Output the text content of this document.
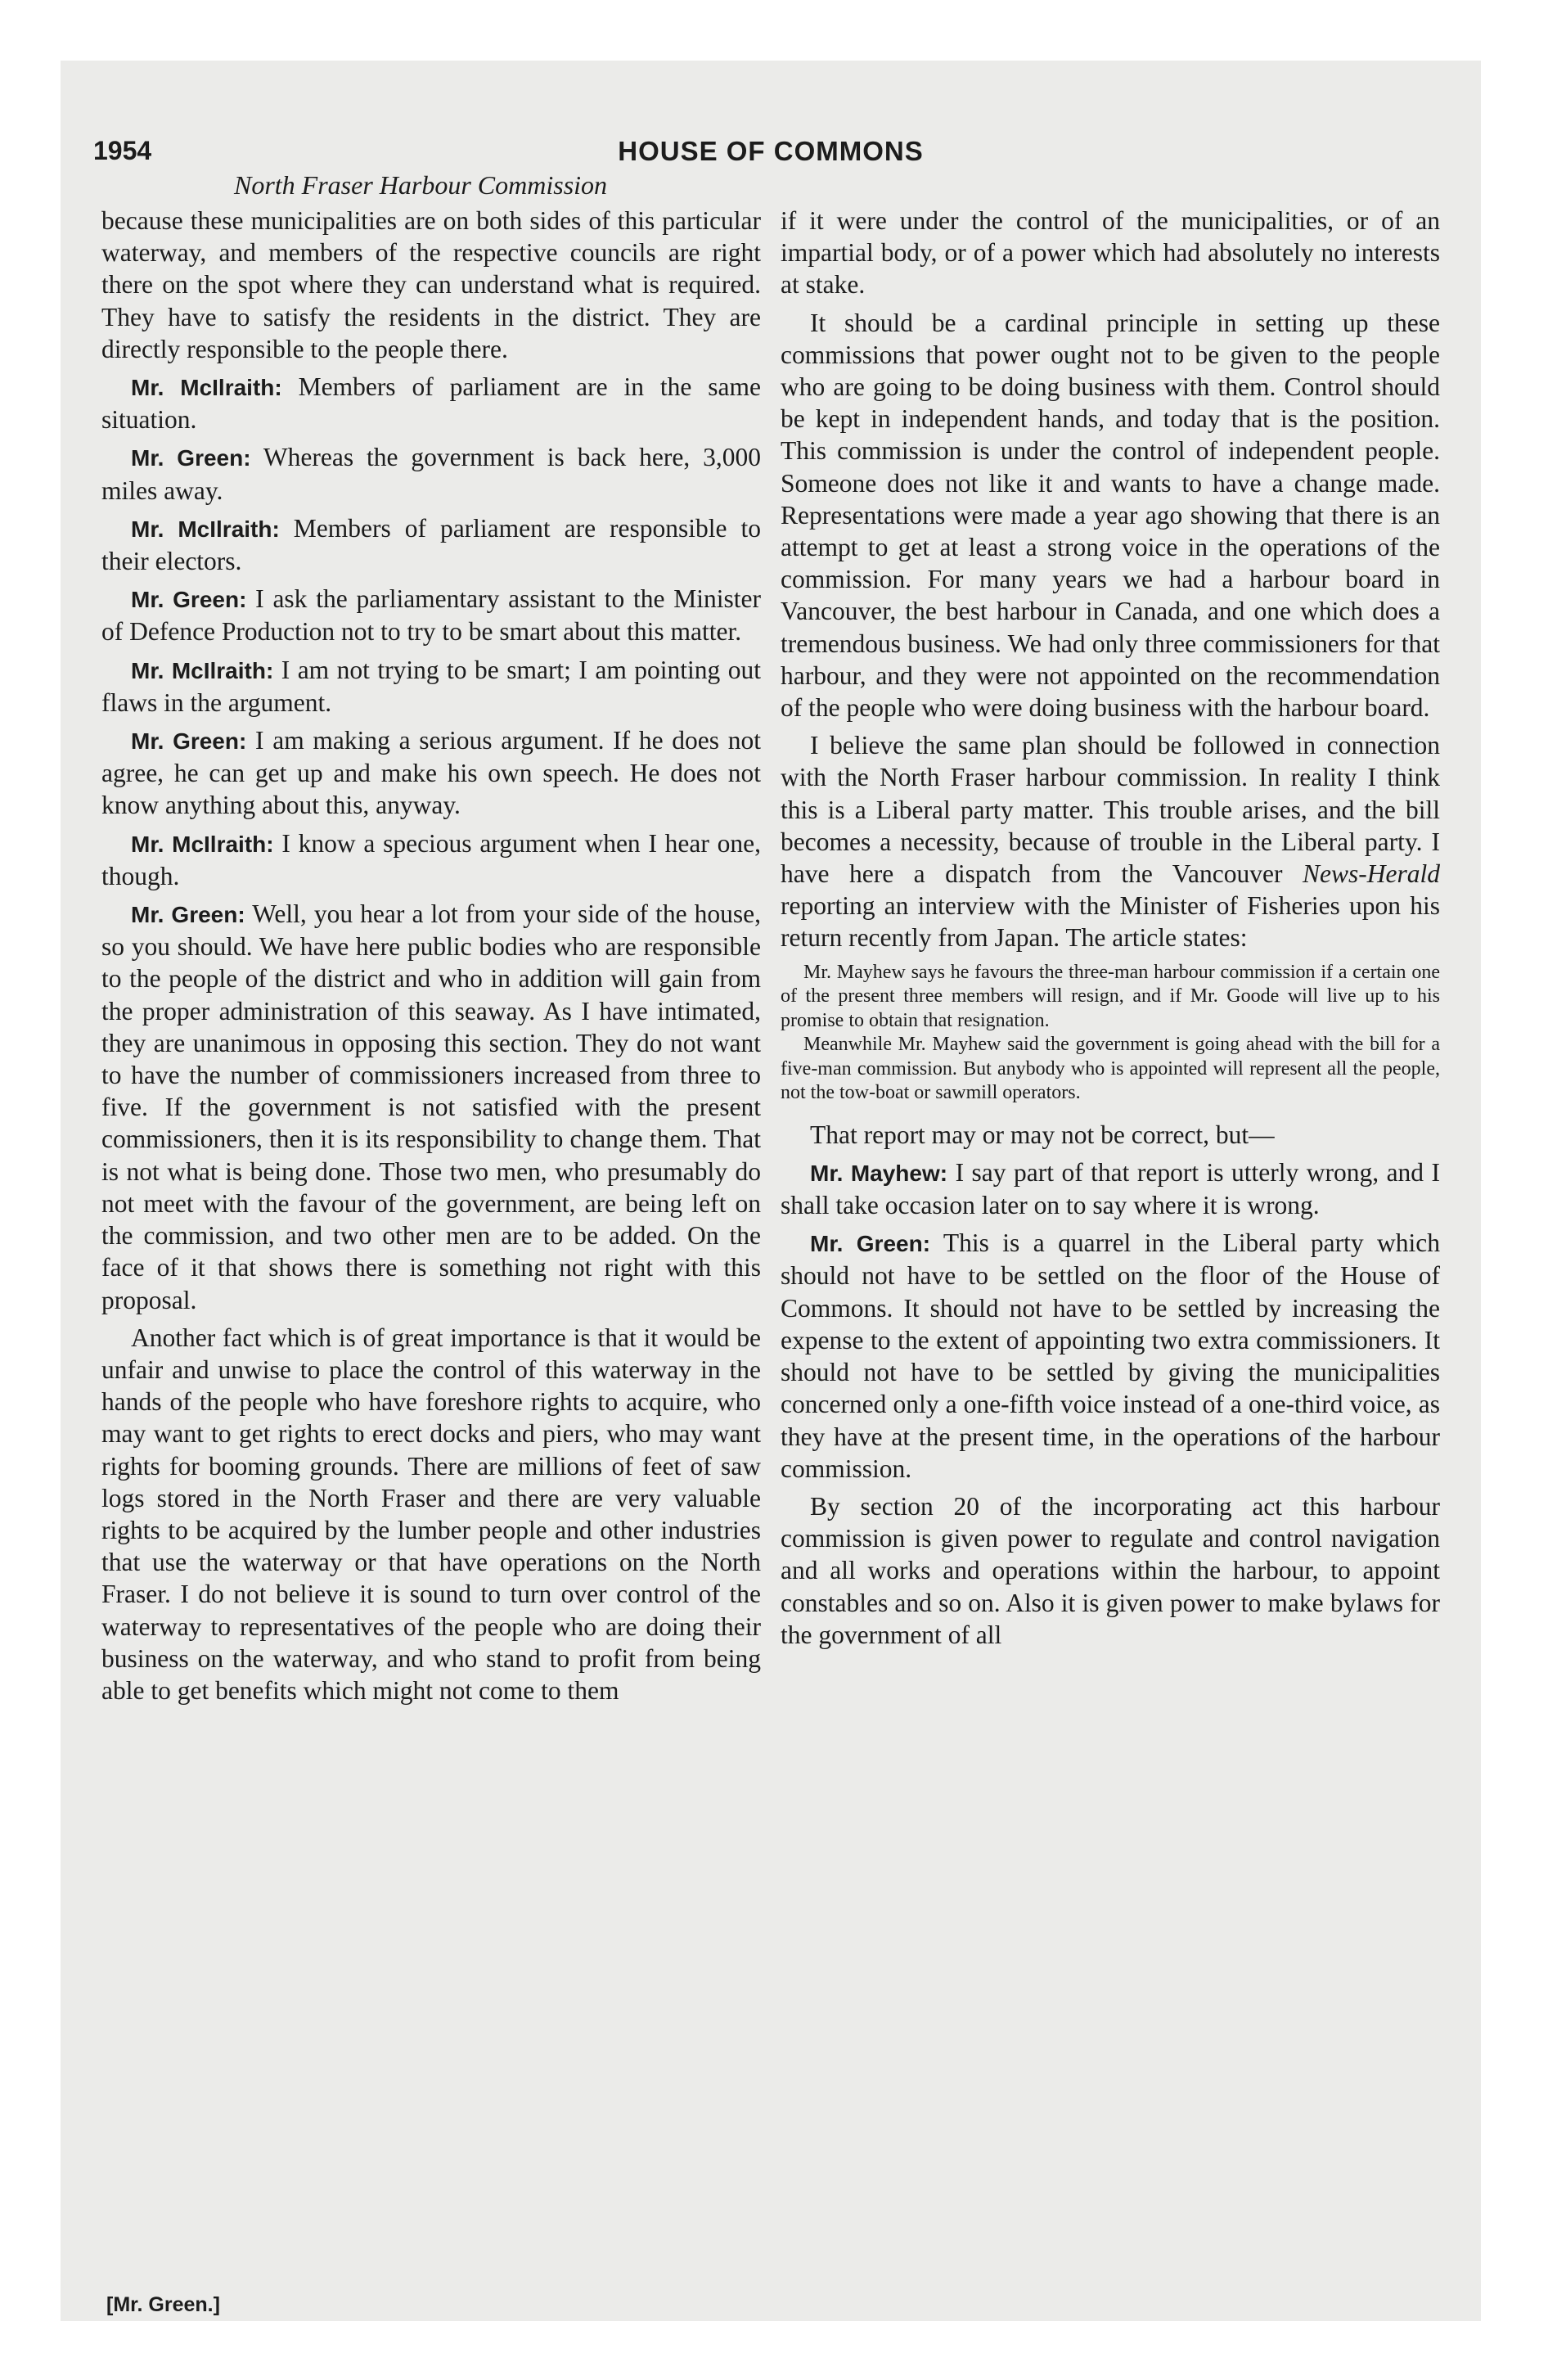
1954	HOUSE OF COMMONS
North Fraser Harbour Commission

because these municipalities are on both sides of this particular waterway, and members of the respective councils are right there on the spot where they can understand what is required. They have to satisfy the residents in the district. They are directly responsible to the people there.

Mr. McIlraith: Members of parliament are in the same situation.

Mr. Green: Whereas the government is back here, 3,000 miles away.

Mr. McIlraith: Members of parliament are responsible to their electors.

Mr. Green: I ask the parliamentary assistant to the Minister of Defence Production not to try to be smart about this matter.

Mr. McIlraith: I am not trying to be smart; I am pointing out flaws in the argument.

Mr. Green: I am making a serious argument. If he does not agree, he can get up and make his own speech. He does not know anything about this, anyway.

Mr. McIlraith: I know a specious argument when I hear one, though.

Mr. Green: Well, you hear a lot from your side of the house, so you should. We have here public bodies who are responsible to the people of the district and who in addition will gain from the proper administration of this seaway. As I have intimated, they are unanimous in opposing this section. They do not want to have the number of commissioners increased from three to five. If the government is not satisfied with the present commissioners, then it is its responsibility to change them. That is not what is being done. Those two men, who presumably do not meet with the favour of the government, are being left on the commission, and two other men are to be added. On the face of it that shows there is something not right with this proposal.

Another fact which is of great importance is that it would be unfair and unwise to place the control of this waterway in the hands of the people who have foreshore rights to acquire, who may want to get rights to erect docks and piers, who may want rights for booming grounds. There are millions of feet of saw logs stored in the North Fraser and there are very valuable rights to be acquired by the lumber people and other industries that use the waterway or that have operations on the North Fraser. I do not believe it is sound to turn over control of the waterway to representatives of the people who are doing their business on the waterway, and who stand to profit from being able to get benefits which might not come to them

if it were under the control of the municipalities, or of an impartial body, or of a power which had absolutely no interests at stake.

It should be a cardinal principle in setting up these commissions that power ought not to be given to the people who are going to be doing business with them. Control should be kept in independent hands, and today that is the position. This commission is under the control of independent people. Someone does not like it and wants to have a change made. Representations were made a year ago showing that there is an attempt to get at least a strong voice in the operations of the commission. For many years we had a harbour board in Vancouver, the best harbour in Canada, and one which does a tremendous business. We had only three commissioners for that harbour, and they were not appointed on the recommendation of the people who were doing business with the harbour board.

I believe the same plan should be followed in connection with the North Fraser harbour commission. In reality I think this is a Liberal party matter. This trouble arises, and the bill becomes a necessity, because of trouble in the Liberal party. I have here a dispatch from the Vancouver News-Herald reporting an interview with the Minister of Fisheries upon his return recently from Japan. The article states:

Mr. Mayhew says he favours the three-man harbour commission if a certain one of the present three members will resign, and if Mr. Goode will live up to his promise to obtain that resignation.

Meanwhile Mr. Mayhew said the government is going ahead with the bill for a five-man commission. But anybody who is appointed will represent all the people, not the tow-boat or sawmill operators.

That report may or may not be correct, but—

Mr. Mayhew: I say part of that report is utterly wrong, and I shall take occasion later on to say where it is wrong.

Mr. Green: This is a quarrel in the Liberal party which should not have to be settled on the floor of the House of Commons. It should not have to be settled by increasing the expense to the extent of appointing two extra commissioners. It should not have to be settled by giving the municipalities concerned only a one-fifth voice instead of a one-third voice, as they have at the present time, in the operations of the harbour commission.

By section 20 of the incorporating act this harbour commission is given power to regulate and control navigation and all works and operations within the harbour, to appoint constables and so on. Also it is given power to make bylaws for the government of all

[Mr. Green.]
